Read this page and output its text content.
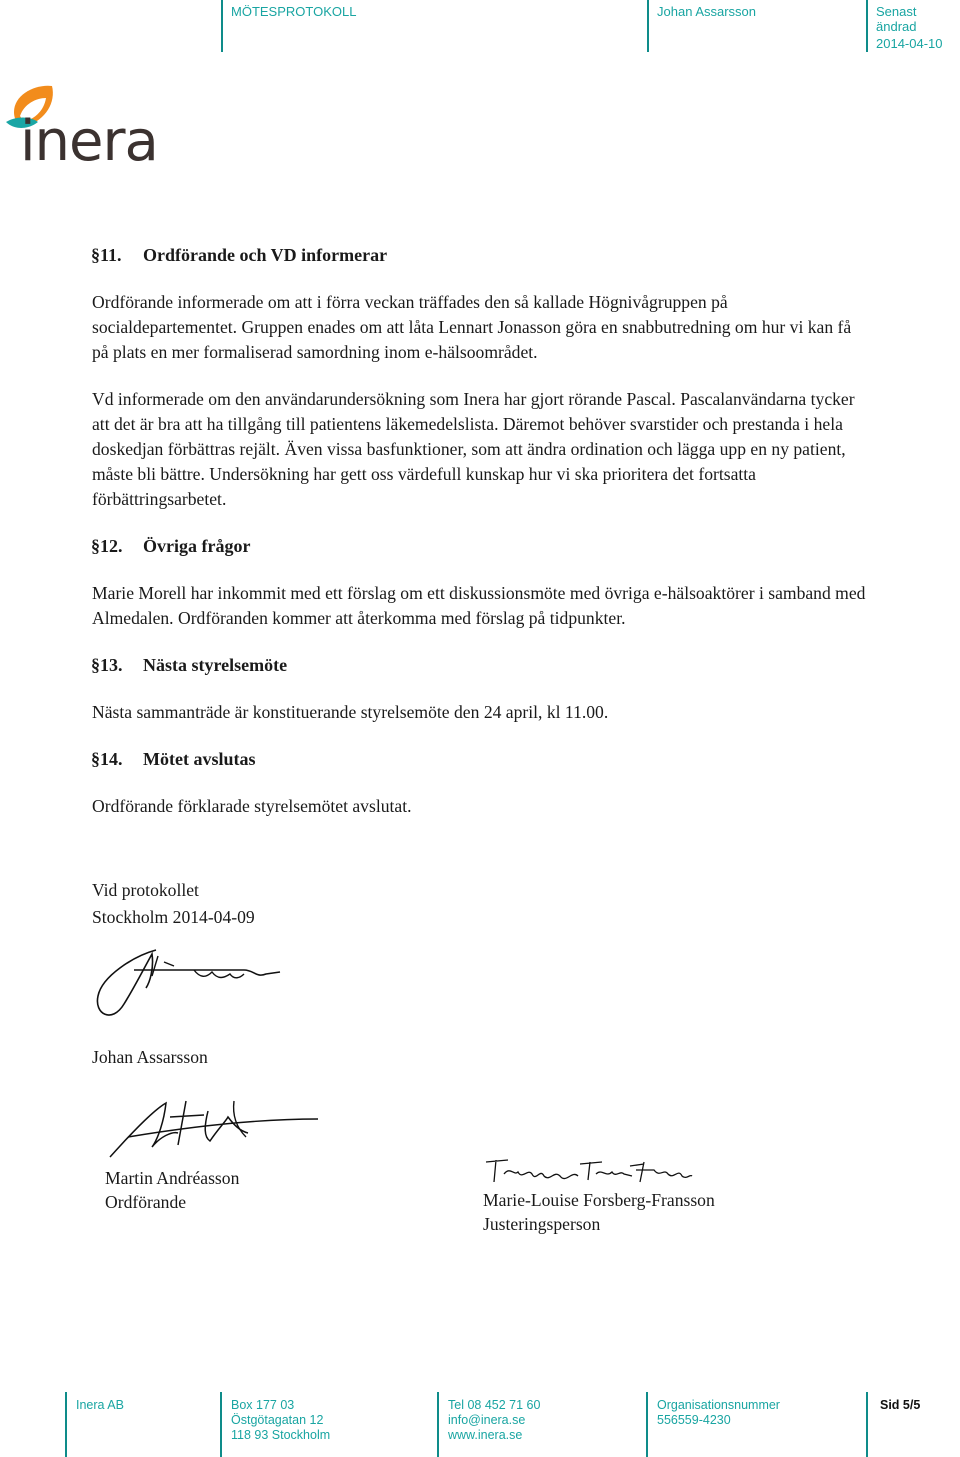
MÖTESPROTOKOLL	Johan Assarsson	Senast ändrad
2014-04-10
inera
§11.	Ordförande och VD informerar
Ordförande informerade om att i förra veckan träffades den så kallade Högnivågruppen på socialdepartementet. Gruppen enades om att låta Lennart Jonasson göra en snabbutredning om hur vi kan få på plats en mer formaliserad samordning inom e-hälsoområdet.
Vd informerade om den användarundersökning som Inera har gjort rörande Pascal. Pascalanvändarna tycker att det är bra att ha tillgång till patientens läkemedelslista. Däremot behöver svarstider och prestanda i hela doskedjan förbättras rejält. Även vissa basfunktioner, som att ändra ordination och lägga upp en ny patient, måste bli bättre. Undersökning har gett oss värdefull kunskap hur vi ska prioritera det fortsatta förbättringsarbetet.
§12.	Övriga frågor
Marie Morell har inkommit med ett förslag om ett diskussionsmöte med övriga e-hälsoaktörer i samband med Almedalen. Ordföranden kommer att återkomma med förslag på tidpunkter.
§13.	Nästa styrelsemöte
Nästa sammanträde är konstituerande styrelsemöte den 24 april, kl 11.00.
§14.	Mötet avslutas
Ordförande förklarade styrelsemötet avslutat.
Vid protokollet
Stockholm 2014-04-09
Johan Assarsson
Martin Andréasson
Ordförande	Marie-Louise Forsberg-Fransson
Justeringsperson
Inera AB	Box 177 03
Östgötagatan 12
118 93 Stockholm
Tel 08 452 71 60
info@inera.se
www.inera.se
Organisationsnummer
556559-4230
Sid 5/5
